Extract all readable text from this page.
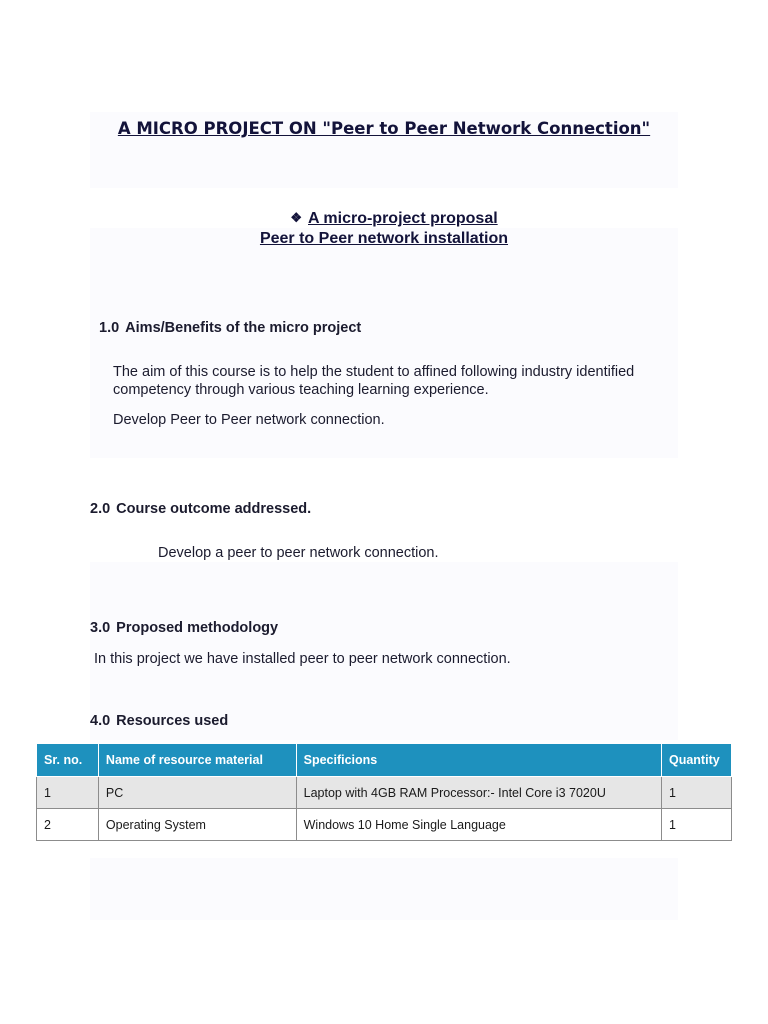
A MICRO PROJECT ON "Peer to Peer Network Connection"
❖ A micro-project proposal
Peer to Peer network installation
1.0 Aims/Benefits of the micro project

The aim of this course is to help the student to affined following industry identified competency through various teaching learning experience.

Develop Peer to Peer network connection.

2.0 Course outcome addressed.

Develop a peer to peer network connection.

3.0 Proposed methodology

In this project we have installed peer to peer network connection.

4.0 Resources used
Sr. no.	Name of resource material	Specificions	Quantity
1	PC	Laptop with 4GB RAM Processor:- Intel Core i3 7020U	1
2	Operating System	Windows 10 Home Single Language	1
